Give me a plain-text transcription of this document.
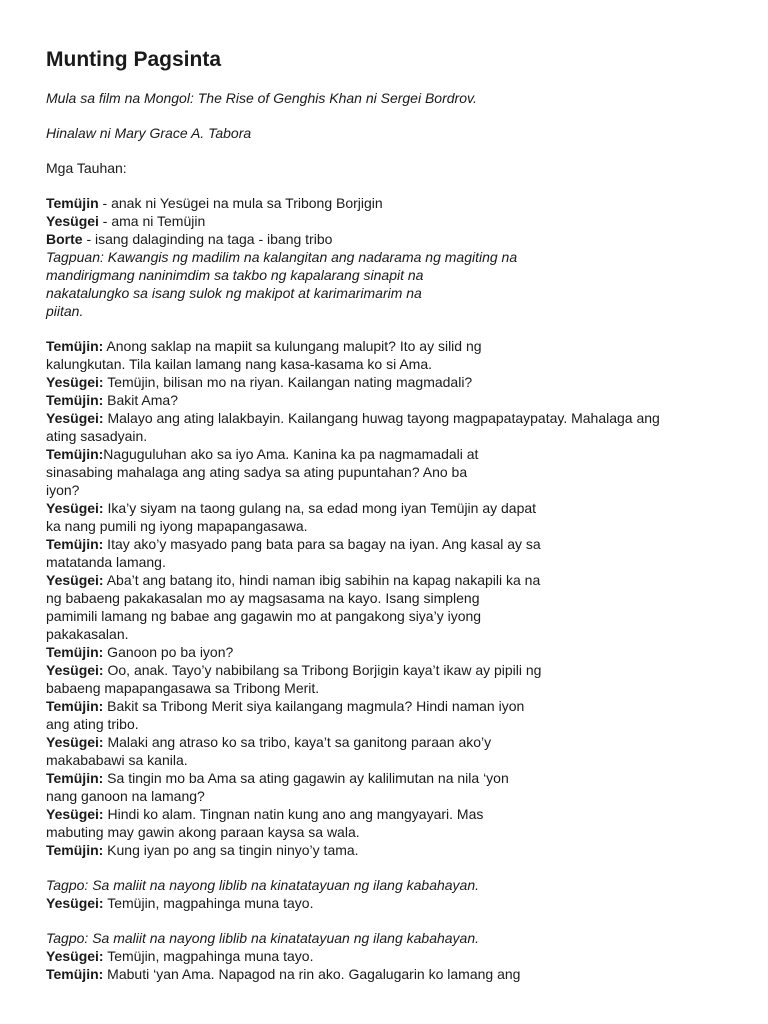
Munting Pagsinta
Mula sa film na Mongol: The Rise of Genghis Khan ni Sergei Bordrov.
Hinalaw ni Mary Grace A. Tabora
Mga Tauhan:
Temüjin - anak ni Yesügei na mula sa Tribong Borjigin
Yesügei - ama ni Temüjin
Borte - isang dalaginding na taga - ibang tribo
Tagpuan: Kawangis ng madilim na kalangitan ang nadarama ng magiting na
mandirigmang naninimdim sa takbo ng kapalarang sinapit na
nakatalungko sa isang sulok ng makipot at karimarimarim na
piitan.
Temüjin: Anong saklap na mapiit sa kulungang malupit? Ito ay silid ng
kalungkutan. Tila kailan lamang nang kasa-kasama ko si Ama.
Yesügei: Temüjin, bilisan mo na riyan. Kailangan nating magmadali?
Temüjin: Bakit Ama?
Yesügei: Malayo ang ating lalakbayin. Kailangang huwag tayong magpapataypatay. Mahalaga ang
ating sasadyain.
Temüjin:Naguguluhan ako sa iyo Ama. Kanina ka pa nagmamadali at
sinasabing mahalaga ang ating sadya sa ating pupuntahan? Ano ba
iyon?
Yesügei: Ika’y siyam na taong gulang na, sa edad mong iyan Temüjin ay dapat
ka nang pumili ng iyong mapapangasawa.
Temüjin: Itay ako’y masyado pang bata para sa bagay na iyan. Ang kasal ay sa
matatanda lamang.
Yesügei: Aba’t ang batang ito, hindi naman ibig sabihin na kapag nakapili ka na
ng babaeng pakakasalan mo ay magsasama na kayo. Isang simpleng
pamimili lamang ng babae ang gagawin mo at pangakong siya’y iyong
pakakasalan.
Temüjin: Ganoon po ba iyon?
Yesügei: Oo, anak. Tayo’y nabibilang sa Tribong Borjigin kaya’t ikaw ay pipili ng
babaeng mapapangasawa sa Tribong Merit.
Temüjin: Bakit sa Tribong Merit siya kailangang magmula? Hindi naman iyon
ang ating tribo.
Yesügei: Malaki ang atraso ko sa tribo, kaya’t sa ganitong paraan ako’y
makababawi sa kanila.
Temüjin: Sa tingin mo ba Ama sa ating gagawin ay kalilimutan na nila ‘yon
nang ganoon na lamang?
Yesügei: Hindi ko alam. Tingnan natin kung ano ang mangyayari. Mas
mabuting may gawin akong paraan kaysa sa wala.
Temüjin: Kung iyan po ang sa tingin ninyo’y tama.
Tagpo: Sa maliit na nayong liblib na kinatatayuan ng ilang kabahayan.
Yesügei: Temüjin, magpahinga muna tayo.
Tagpo: Sa maliit na nayong liblib na kinatatayuan ng ilang kabahayan.
Yesügei: Temüjin, magpahinga muna tayo.
Temüjin: Mabuti ‘yan Ama. Napagod na rin ako. Gagalugarin ko lamang ang
